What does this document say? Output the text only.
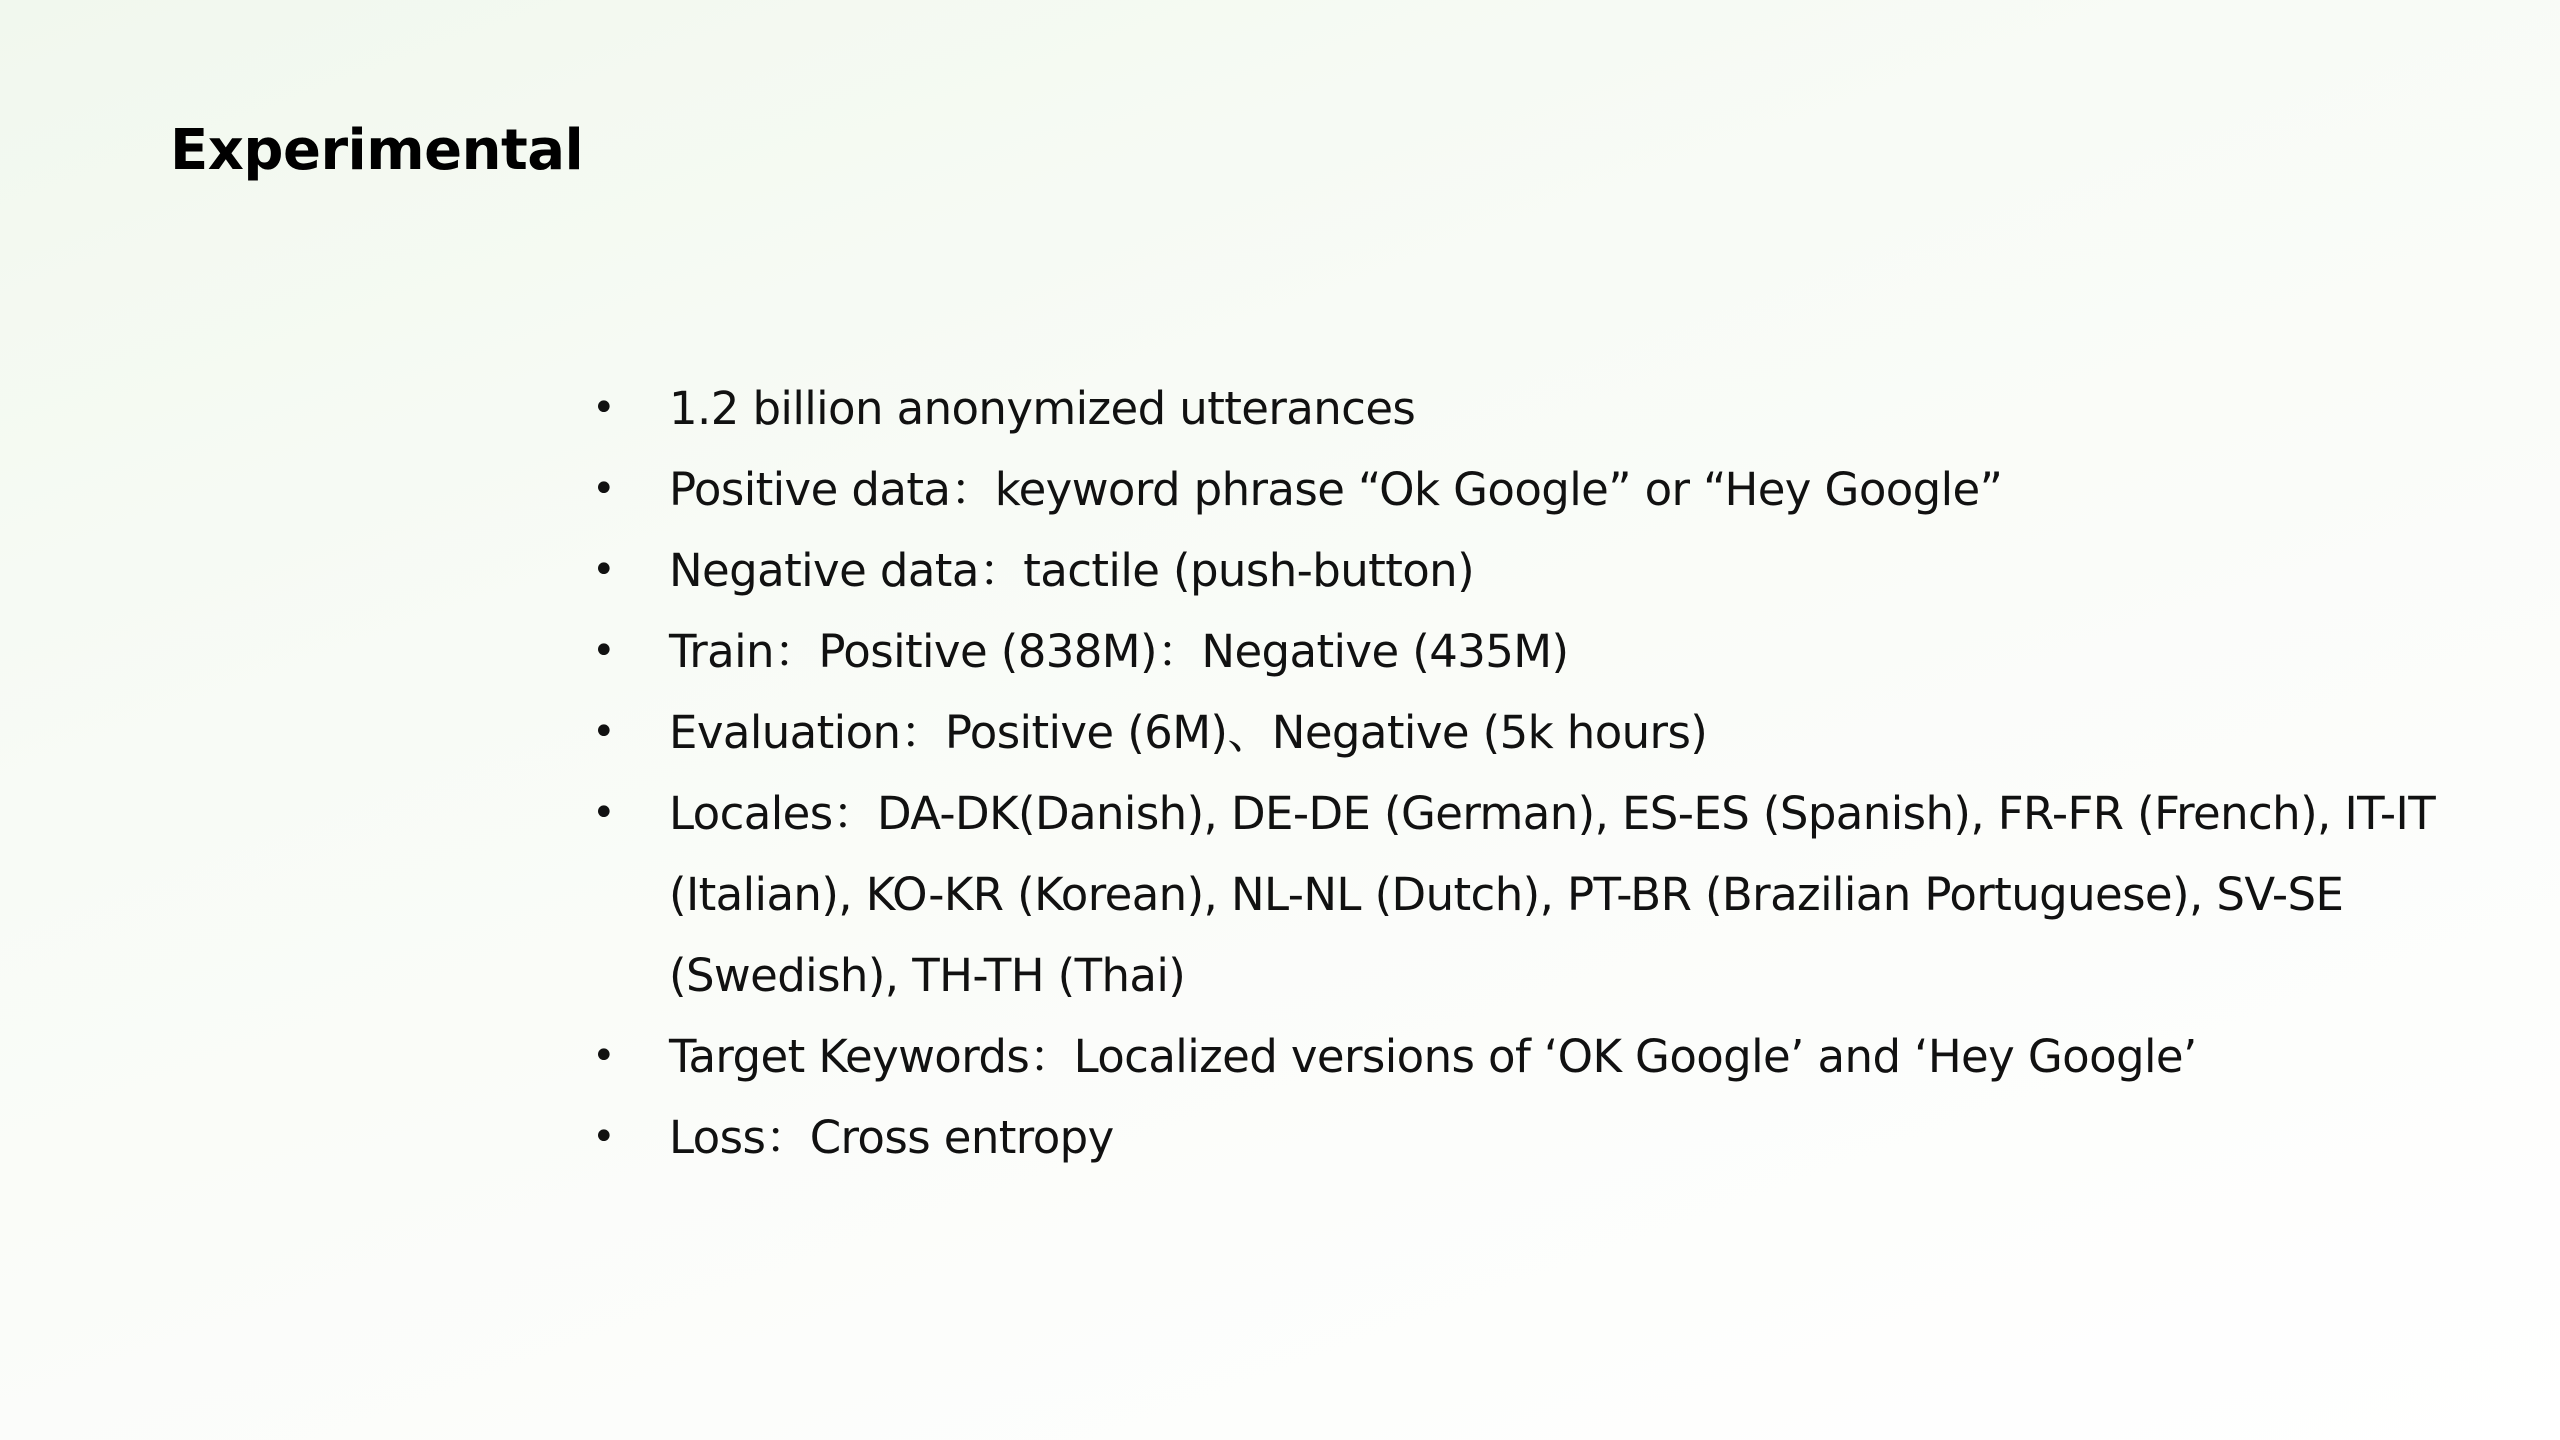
Experimental
• 1.2 billion anonymized utterances
• Positive data：keyword phrase “Ok Google” or “Hey Google”
• Negative data：tactile (push-button)
• Train：Positive (838M)：Negative (435M)
• Evaluation：Positive (6M)、Negative (5k hours)
• Locales：DA-DK(Danish), DE-DE (German), ES-ES (Spanish), FR-FR (French), IT-IT (Italian), KO-KR (Korean), NL-NL (Dutch), PT-BR (Brazilian Portuguese), SV-SE (Swedish), TH-TH (Thai)
• Target Keywords：Localized versions of ‘OK Google’ and ‘Hey Google’
• Loss：Cross entropy
